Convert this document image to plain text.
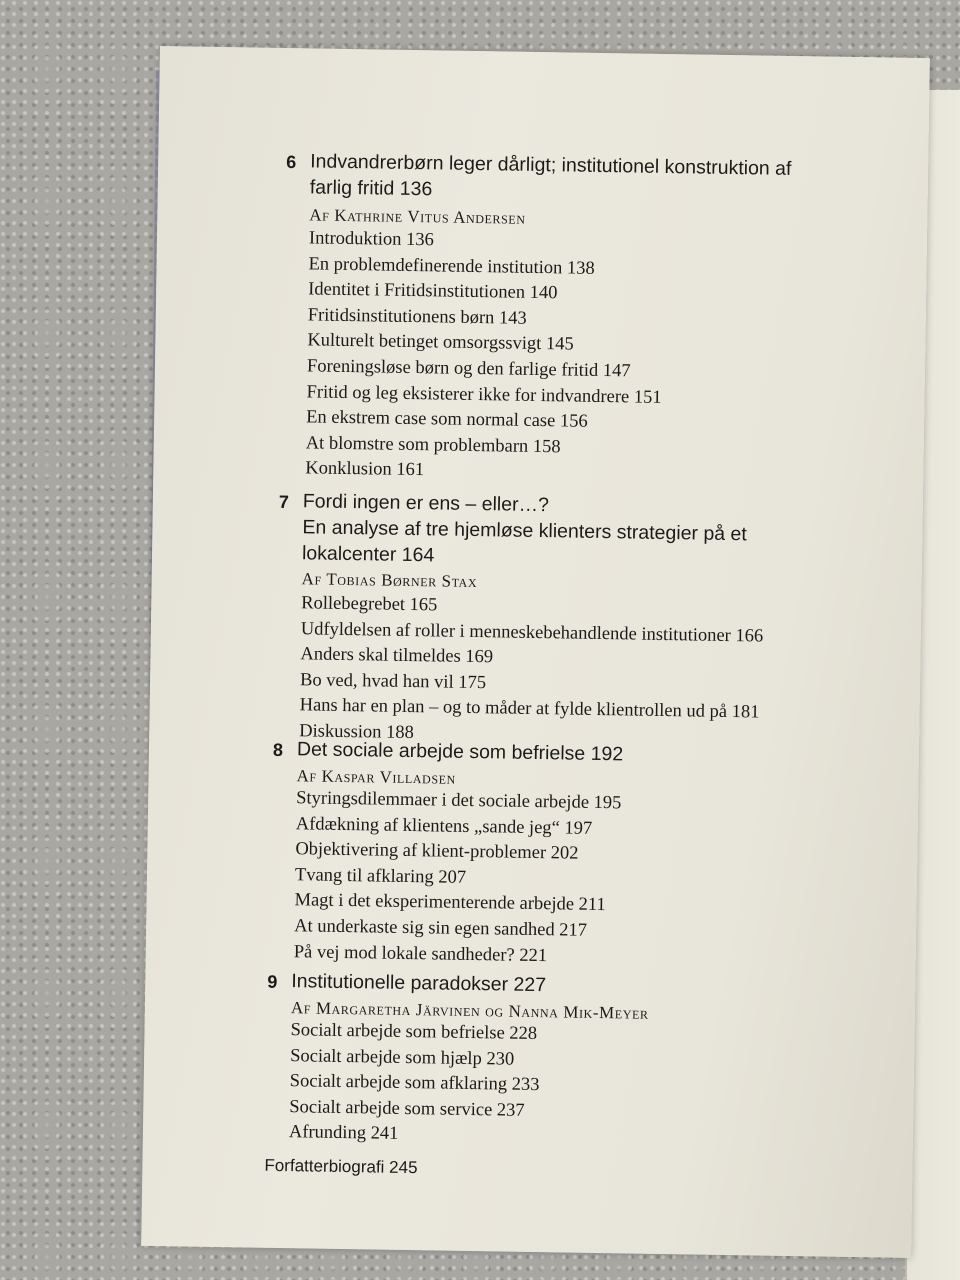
6 Indvandrerbørn leger dårligt; institutionel konstruktion af
farlig fritid 136
Af Kathrine Vitus Andersen
Introduktion 136
En problemdefinerende institution 138
Identitet i Fritidsinstitutionen 140
Fritidsinstitutionens børn 143
Kulturelt betinget omsorgssvigt 145
Foreningsløse børn og den farlige fritid 147
Fritid og leg eksisterer ikke for indvandrere 151
En ekstrem case som normal case 156
At blomstre som problembarn 158
Konklusion 161
7 Fordi ingen er ens – eller…?
En analyse af tre hjemløse klienters strategier på et
lokalcenter 164
Af Tobias Børner Stax
Rollebegrebet 165
Udfyldelsen af roller i menneskebehandlende institutioner 166
Anders skal tilmeldes 169
Bo ved, hvad han vil 175
Hans har en plan – og to måder at fylde klientrollen ud på 181
Diskussion 188
8 Det sociale arbejde som befrielse 192
Af Kaspar Villadsen
Styringsdilemmaer i det sociale arbejde 195
Afdækning af klientens „sande jeg“ 197
Objektivering af klient-problemer 202
Tvang til afklaring 207
Magt i det eksperimenterende arbejde 211
At underkaste sig sin egen sandhed 217
På vej mod lokale sandheder? 221
9 Institutionelle paradokser 227
Af Margaretha Järvinen og Nanna Mik-Meyer
Socialt arbejde som befrielse 228
Socialt arbejde som hjælp 230
Socialt arbejde som afklaring 233
Socialt arbejde som service 237
Afrunding 241
Forfatterbiografi 245
